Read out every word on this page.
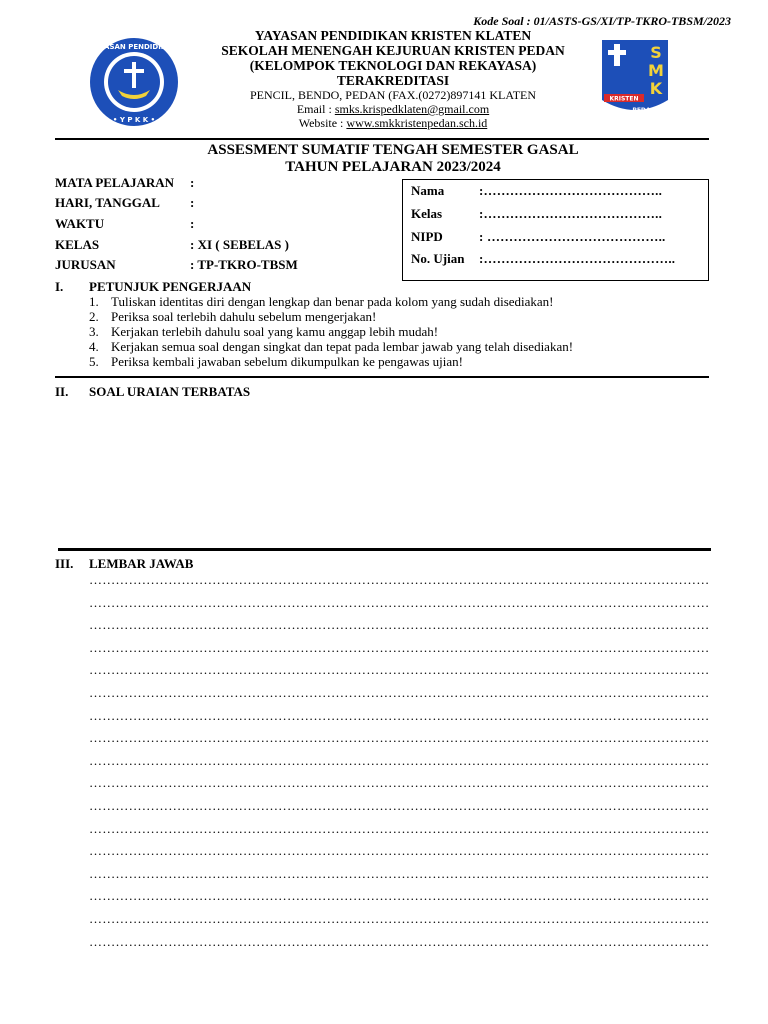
Kode Soal : 01/ASTS-GS/XI/TP-TKRO-TBSM/2023
YAYASAN PENDIDIKAN
• Y P K K •
YAYASAN PENDIDIKAN KRISTEN KLATEN
SEKOLAH MENENGAH KEJURUAN KRISTEN PEDAN
(KELOMPOK TEKNOLOGI DAN REKAYASA)
TERAKREDITASI
PENCIL, BENDO, PEDAN (FAX.(0272)897141 KLATEN
Email : smks.krispedklaten@gmail.com
Website : www.smkkristenpedan.sch.id
S
M
K
KRISTEN
PEDAN
ASSESMENT SUMATIF TENGAH SEMESTER GASAL
TAHUN PELAJARAN 2023/2024
MATA PELAJARAN :
HARI, TANGGAL :
WAKTU	:
KELAS	: XI ( SEBELAS )
JURUSAN	: TP-TKRO-TBSM
Nama	:…………………………………..
Kelas	:…………………………………..
NIPD	: …………………………………..
No. Ujian :……………………………………..
I. PETUNJUK PENGERJAAN
1. Tuliskan identitas diri dengan lengkap dan benar pada kolom yang sudah disediakan!
2. Periksa soal terlebih dahulu sebelum mengerjakan!
3. Kerjakan terlebih dahulu soal yang kamu anggap lebih mudah!
4. Kerjakan semua soal dengan singkat dan tepat pada lembar jawab yang telah disediakan!
5. Periksa kembali jawaban sebelum dikumpulkan ke pengawas ujian!
II. SOAL URAIAN TERBATAS
III. LEMBAR JAWAB
……………………………………………………………………………………………………………………………
……………………………………………………………………………………………………………………………
……………………………………………………………………………………………………………………………
……………………………………………………………………………………………………………………………
……………………………………………………………………………………………………………………………
……………………………………………………………………………………………………………………………
……………………………………………………………………………………………………………………………
……………………………………………………………………………………………………………………………
……………………………………………………………………………………………………………………………
……………………………………………………………………………………………………………………………
……………………………………………………………………………………………………………………………
……………………………………………………………………………………………………………………………
……………………………………………………………………………………………………………………………
……………………………………………………………………………………………………………………………
……………………………………………………………………………………………………………………………
……………………………………………………………………………………………………………………………
……………………………………………………………………………………………………………………………
